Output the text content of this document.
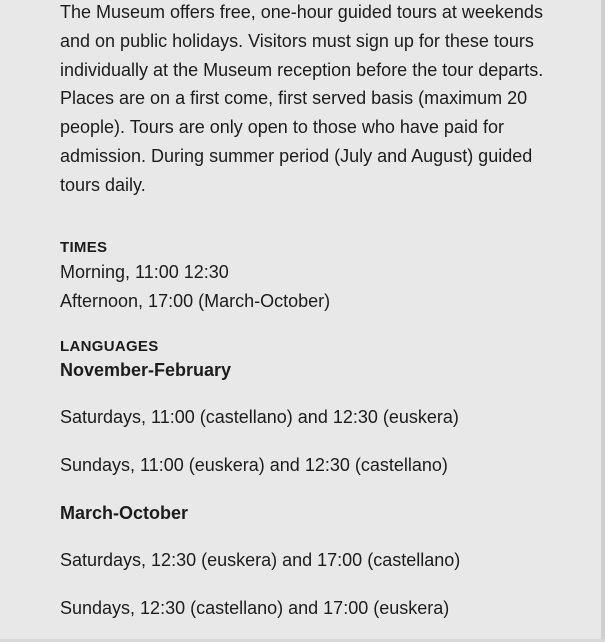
The Museum offers free, one-hour guided tours at weekends and on public holidays. Visitors must sign up for these tours individually at the Museum reception before the tour departs. Places are on a first come, first served basis (maximum 20 people). Tours are only open to those who have paid for admission. During summer period (July and August) guided tours daily.

TIMES

Morning, 11:00 12:30

Afternoon, 17:00 (March-October)

LANGUAGES
November-February

Saturdays, 11:00 (castellano) and 12:30 (euskera)

Sundays, 11:00 (euskera) and 12:30 (castellano)

March-October

Saturdays, 12:30 (euskera) and 17:00 (castellano)

Sundays, 12:30 (castellano) and 17:00 (euskera)
